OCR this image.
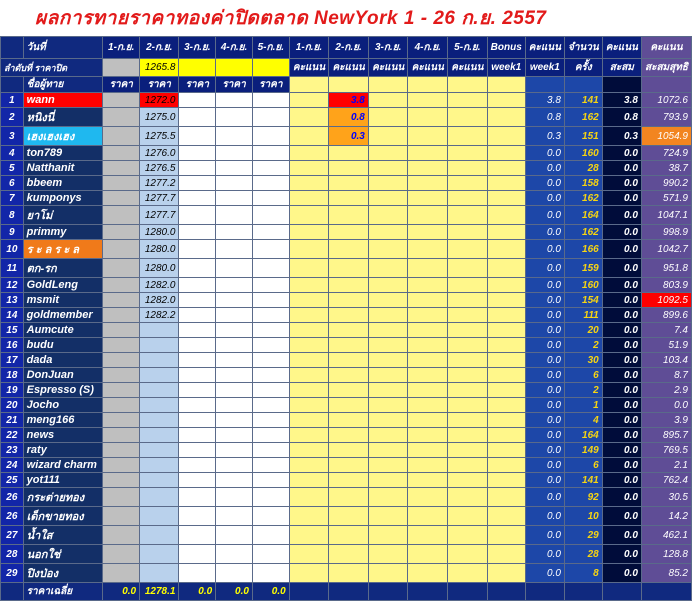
ผลการทายราคาทองค่าปิดตลาด NewYork 1 - 26 ก.ย. 2557
	วันที่	1-ก.ย.	2-ก.ย.	3-ก.ย.	4-ก.ย.	5-ก.ย.	1-ก.ย.	2-ก.ย.	3-ก.ย.	4-ก.ย.	5-ก.ย.	Bonus	คะแนน	จำนวน	คะแนน	คะแนน
ลำดับที่ ราคาปิด			1265.8				คะแนน	คะแนน	คะแนน	คะแนน	คะแนน	week1	week1	ครั้ง	สะสม	สะสมสุทธิ
	ชื่อผู้ทาย	ราคา	ราคา	ราคา	ราคา	ราคา										
1	wann		1272.0					3.8					3.8	141	3.8	1072.6
2	หนิงนี่		1275.0					0.8					0.8	162	0.8	793.9
3	เฮงเฮงเฮง		1275.5					0.3					0.3	151	0.3	1054.9
4	ton789		1276.0										0.0	160	0.0	724.9
5	Natthanit		1276.5										0.0	28	0.0	38.7
6	bbeem		1277.2										0.0	158	0.0	990.2
7	kumponys		1277.7										0.0	162	0.0	571.9
8	ยาโม่		1277.7										0.0	164	0.0	1047.1
9	primmy		1280.0										0.0	162	0.0	998.9
10	ร ะ ล ร ะ ล		1280.0										0.0	166	0.0	1042.7
11	ตก-รก		1280.0										0.0	159	0.0	951.8
12	GoldLeng		1282.0										0.0	160	0.0	803.9
13	msmit		1282.0										0.0	154	0.0	1092.5
14	goldmember		1282.2										0.0	111	0.0	899.6
15	Aumcute												0.0	20	0.0	7.4
16	budu												0.0	2	0.0	51.9
17	dada												0.0	30	0.0	103.4
18	DonJuan												0.0	6	0.0	8.7
19	Espresso (S)												0.0	2	0.0	2.9
20	Jocho												0.0	1	0.0	0.0
21	meng166												0.0	4	0.0	3.9
22	news												0.0	164	0.0	895.7
23	raty												0.0	149	0.0	769.5
24	wizard charm												0.0	6	0.0	2.1
25	yot111												0.0	141	0.0	762.4
26	กระต่ายทอง												0.0	92	0.0	30.5
26	เด็กขายทอง												0.0	10	0.0	14.2
27	น้ำใส												0.0	29	0.0	462.1
28	นอกใช่												0.0	28	0.0	128.8
29	ปิงป่อง												0.0	8	0.0	85.2
	ราคาเฉลี่ย	0.0	1278.1	0.0	0.0	0.0										
